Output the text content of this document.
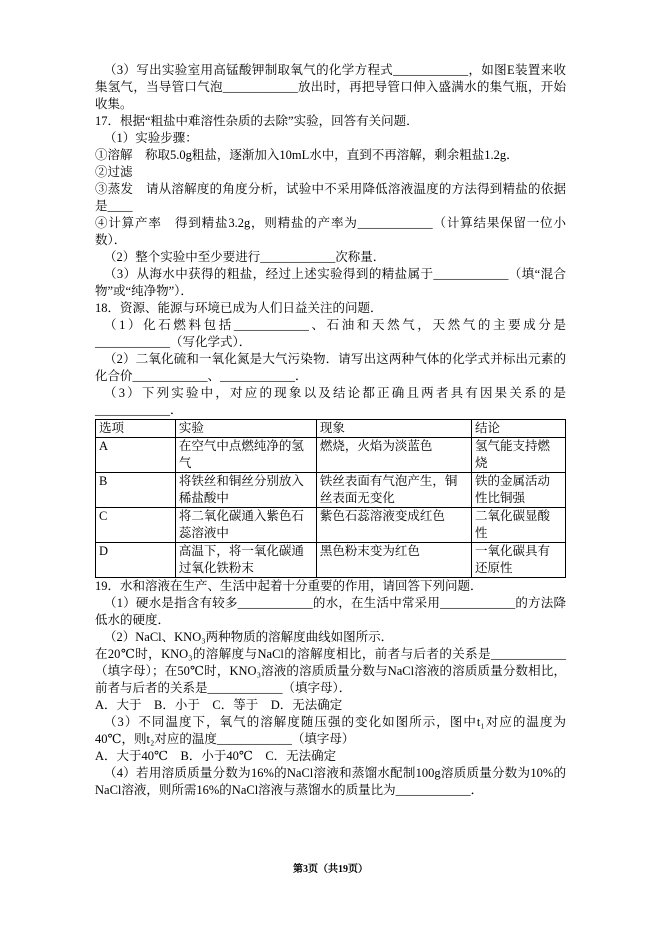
（3）写出实验室用高锰酸钾制取氧气的化学方程式____________，如图E装置来收集氢气，当导管口气泡____________放出时，再把导管口伸入盛满水的集气瓶，开始收集。

17．根据“粗盐中难溶性杂质的去除”实验，回答有关问题．

（1）实验步骤：

①溶解　称取5.0g粗盐，逐渐加入10mL水中，直到不再溶解，剩余粗盐1.2g．

②过滤

③蒸发　请从溶解度的角度分析，试验中不采用降低溶液温度的方法得到精盐的依据是____

④计算产率　得到精盐3.2g，则精盐的产率为____________（计算结果保留一位小数）．

（2）整个实验中至少要进行____________次称量．

（3）从海水中获得的粗盐，经过上述实验得到的精盐属于____________（填“混合物”或“纯净物”）．

18．资源、能源与环境已成为人们日益关注的问题．

（1）化石燃料包括____________、石油和天然气，天然气的主要成分是____________（写化学式）．

（2）二氧化硫和一氧化氮是大气污染物．请写出这两种气体的化学式并标出元素的化合价____________、____________．

（3）下列实验中，对应的现象以及结论都正确且两者具有因果关系的是____________．

选项	实验	现象	结论
A	在空气中点燃纯净的氢气	燃烧，火焰为淡蓝色	氢气能支持燃烧
B	将铁丝和铜丝分别放入稀盐酸中	铁丝表面有气泡产生，铜丝表面无变化	铁的金属活动性比铜强
C	将二氧化碳通入紫色石蕊溶液中	紫色石蕊溶液变成红色	二氧化碳显酸性
D	高温下，将一氧化碳通过氧化铁粉末	黑色粉末变为红色	一氧化碳具有还原性

19．水和溶液在生产、生活中起着十分重要的作用，请回答下列问题．

（1）硬水是指含有较多____________的水，在生活中常采用____________的方法降低水的硬度．

（2）NaCl、KNO₃两种物质的溶解度曲线如图所示．

在20℃时，KNO₃的溶解度与NaCl的溶解度相比，前者与后者的关系是____________（填字母）；在50℃时，KNO₃溶液的溶质质量分数与NaCl溶液的溶质质量分数相比，前者与后者的关系是____________（填字母）．

A．大于　B．小于　C．等于　D．无法确定

（3）不同温度下，氧气的溶解度随压强的变化如图所示，图中t₁对应的温度为40℃，则t₂对应的温度____________（填字母）

A．大于40℃　B．小于40℃　C．无法确定

（4）若用溶质质量分数为16%的NaCl溶液和蒸馏水配制100g溶质质量分数为10%的NaCl溶液，则所需16%的NaCl溶液与蒸馏水的质量比为____________．

第3页（共19页）
